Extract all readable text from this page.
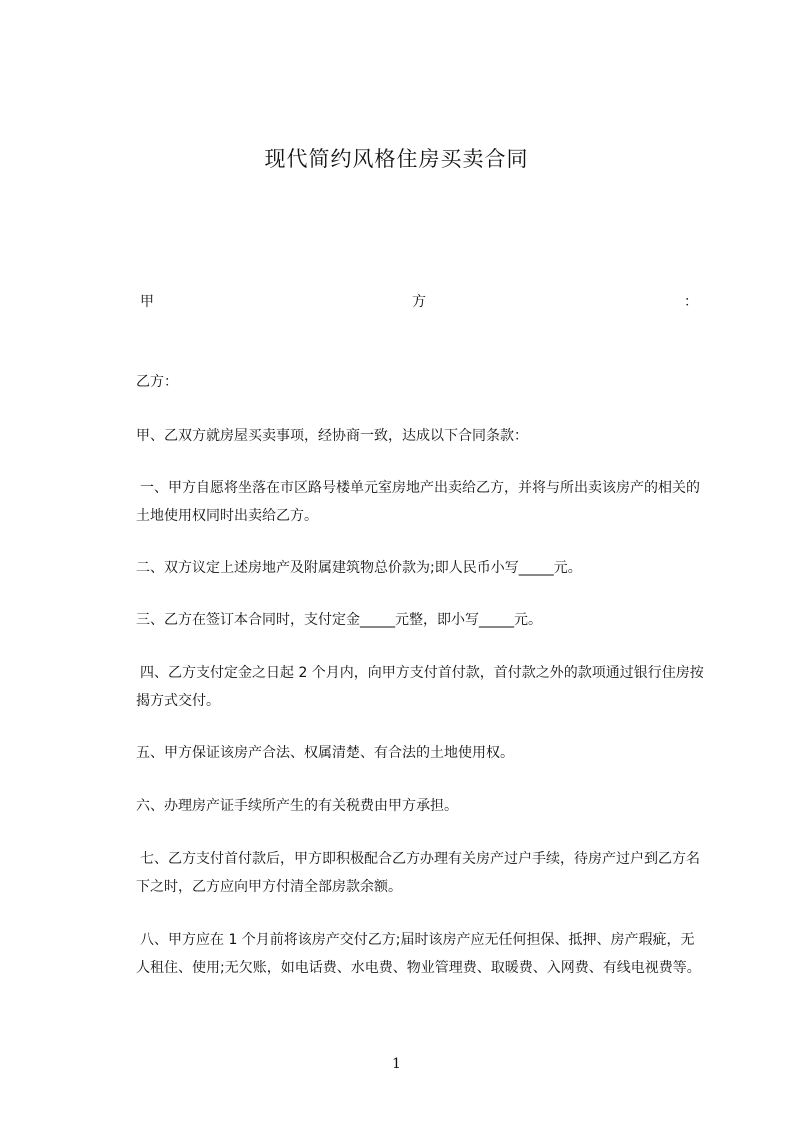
现代简约风格住房买卖合同
甲	方	：

乙方：

甲、乙双方就房屋买卖事项，经协商一致，达成以下合同条款：

一、甲方自愿将坐落在市区路号楼单元室房地产出卖给乙方，并将与所出卖该房产的相关的土地使用权同时出卖给乙方。

二、双方议定上述房地产及附属建筑物总价款为;即人民币小写_____元。

三、乙方在签订本合同时，支付定金_____元整，即小写_____元。

四、乙方支付定金之日起 2 个月内，向甲方支付首付款，首付款之外的款项通过银行住房按揭方式交付。

五、甲方保证该房产合法、权属清楚、有合法的土地使用权。

六、办理房产证手续所产生的有关税费由甲方承担。

七、乙方支付首付款后，甲方即积极配合乙方办理有关房产过户手续，待房产过户到乙方名下之时，乙方应向甲方付清全部房款余额。

八、甲方应在 1 个月前将该房产交付乙方;届时该房产应无任何担保、抵押、房产瑕疵，无人租住、使用;无欠账，如电话费、水电费、物业管理费、取暖费、入网费、有线电视费等。

1
